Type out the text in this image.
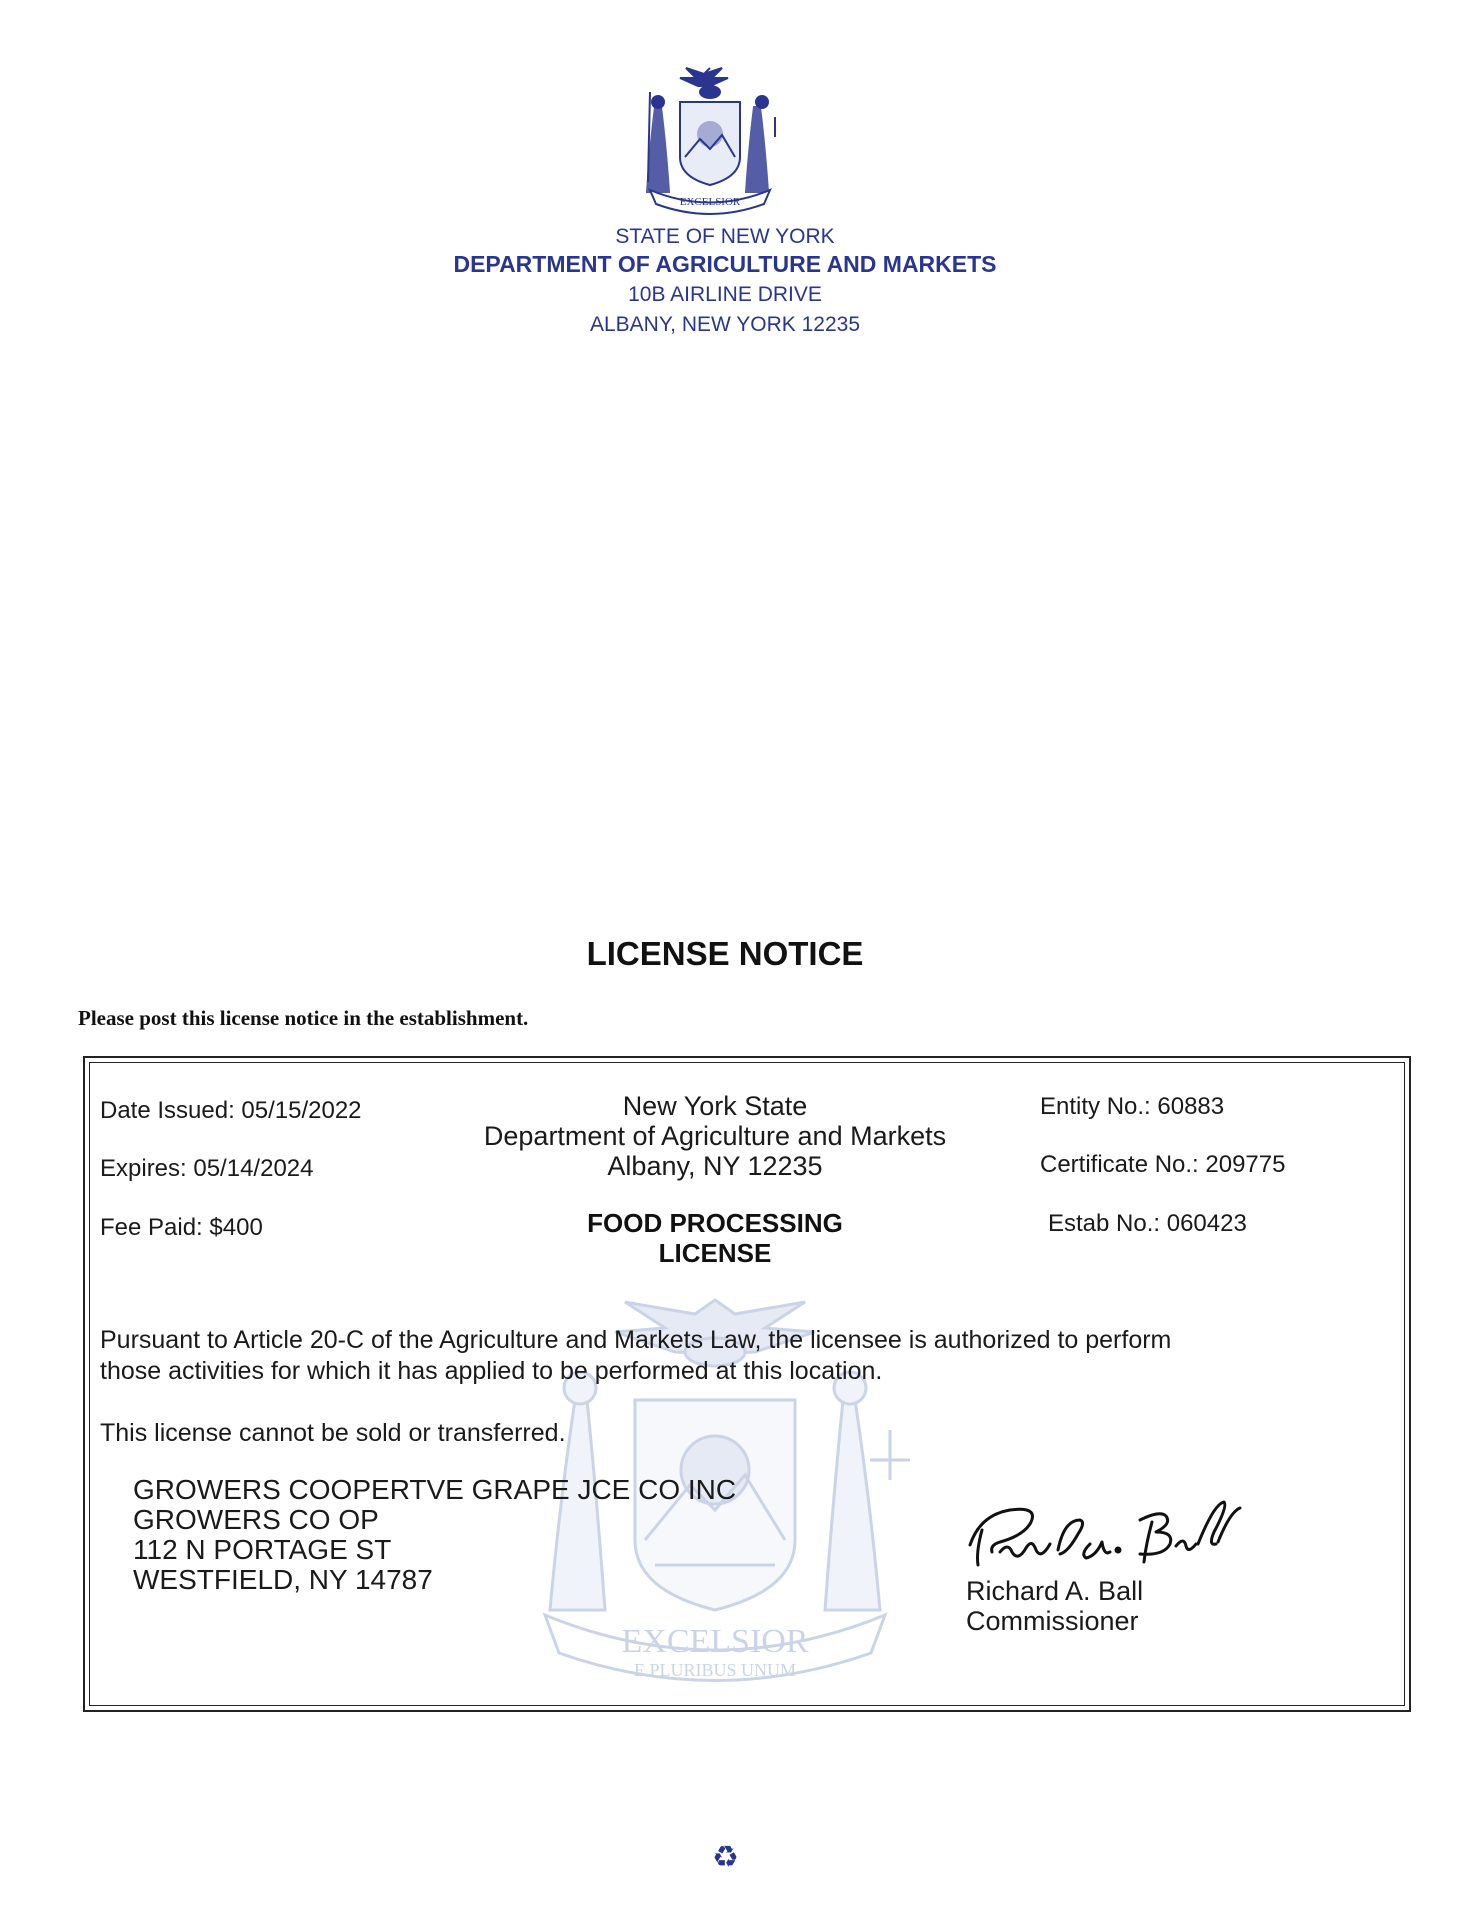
EXCELSIOR
STATE OF NEW YORK
DEPARTMENT OF AGRICULTURE AND MARKETS
10B AIRLINE DRIVE
ALBANY, NEW YORK 12235
LICENSE NOTICE
Please post this license notice in the establishment.
EXCELSIOR
E PLURIBUS UNUM
Date Issued: 05/15/2022
Expires: 05/14/2024
Fee Paid: $400
New York State
Department of Agriculture and Markets
Albany, NY 12235
FOOD PROCESSING
LICENSE
Entity No.: 60883
Certificate No.: 209775
Estab No.: 060423
Pursuant to Article 20-C of the Agriculture and Markets Law, the licensee is authorized to perform those activities for which it has applied to be performed at this location.
This license cannot be sold or transferred.
GROWERS COOPERTVE GRAPE JCE CO INC
GROWERS CO OP
112 N PORTAGE ST
WESTFIELD, NY 14787	Richard A. Ball
Commissioner
♻
